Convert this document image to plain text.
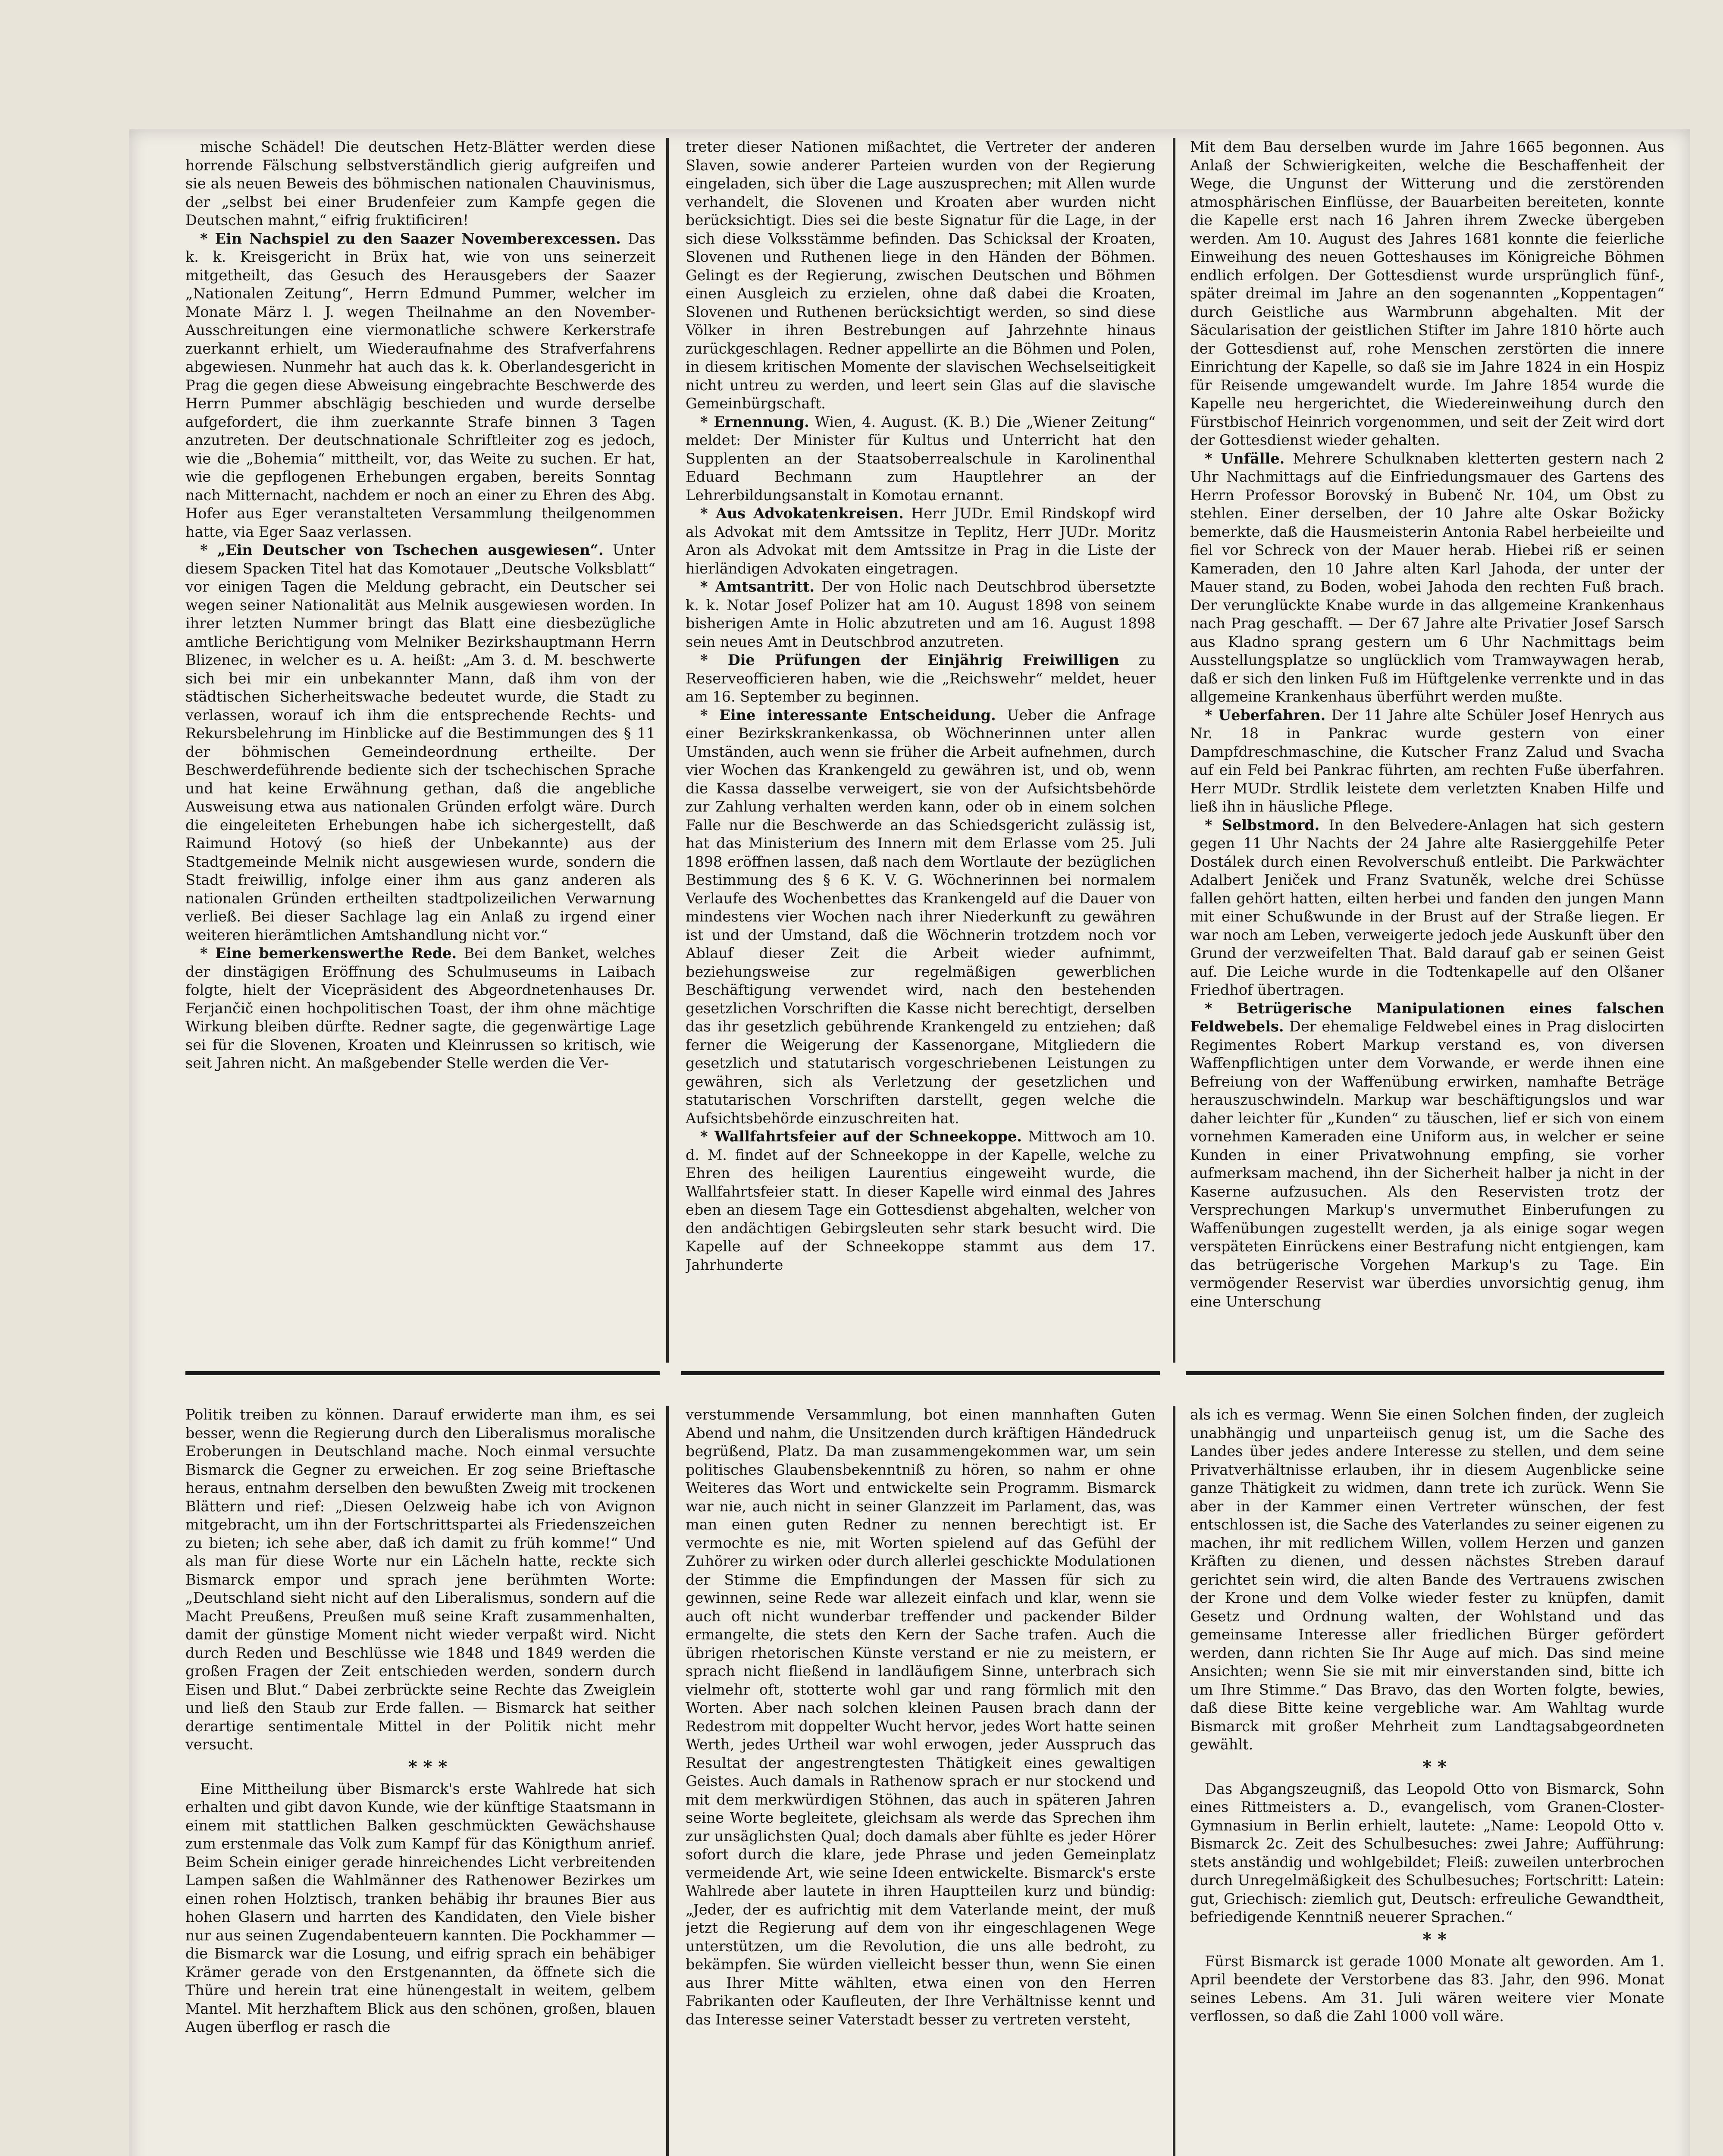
mische Schädel! Die deutschen Hetz-Blätter werden diese horrende Fälschung selbstverständlich gierig aufgreifen und sie als neuen Beweis des böhmischen nationalen Chauvinismus, der „selbst bei einer Brudenfeier zum Kampfe gegen die Deutschen mahnt,“ eifrig fruktificiren!

* Ein Nachspiel zu den Saazer Novemberexcessen. Das k. k. Kreisgericht in Brüx hat, wie von uns seinerzeit mitgetheilt, das Gesuch des Herausgebers der Saazer „Nationalen Zeitung“, Herrn Edmund Pummer, welcher im Monate März l. J. wegen Theilnahme an den November-Ausschreitungen eine viermonatliche schwere Kerkerstrafe zuerkannt erhielt, um Wiederaufnahme des Strafverfahrens abgewiesen. Nunmehr hat auch das k. k. Oberlandesgericht in Prag die gegen diese Abweisung eingebrachte Beschwerde des Herrn Pummer abschlägig beschieden und wurde derselbe aufgefordert, die ihm zuerkannte Strafe binnen 3 Tagen anzutreten. Der deutschnationale Schriftleiter zog es jedoch, wie die „Bohemia“ mittheilt, vor, das Weite zu suchen. Er hat, wie die gepflogenen Erhebungen ergaben, bereits Sonntag nach Mitternacht, nachdem er noch an einer zu Ehren des Abg. Hofer aus Eger veranstalteten Versammlung theilgenommen hatte, via Eger Saaz verlassen.

* „Ein Deutscher von Tschechen ausgewiesen“. Unter diesem Spacken Titel hat das Komotauer „Deutsche Volksblatt“ vor einigen Tagen die Meldung gebracht, ein Deutscher sei wegen seiner Nationalität aus Melnik ausgewiesen worden. In ihrer letzten Nummer bringt das Blatt eine diesbezügliche amtliche Berichtigung vom Melniker Bezirkshauptmann Herrn Blizenec, in welcher es u. A. heißt: „Am 3. d. M. beschwerte sich bei mir ein unbekannter Mann, daß ihm von der städtischen Sicherheitswache bedeutet wurde, die Stadt zu verlassen, worauf ich ihm die entsprechende Rechts- und Rekursbelehrung im Hinblicke auf die Bestimmungen des § 11 der böhmischen Gemeindeordnung ertheilte. Der Beschwerdeführende bediente sich der tschechischen Sprache und hat keine Erwähnung gethan, daß die angebliche Ausweisung etwa aus nationalen Gründen erfolgt wäre. Durch die eingeleiteten Erhebungen habe ich sichergestellt, daß Raimund Hotový (so hieß der Unbekannte) aus der Stadtgemeinde Melnik nicht ausgewiesen wurde, sondern die Stadt freiwillig, infolge einer ihm aus ganz anderen als nationalen Gründen ertheilten stadtpolizeilichen Verwarnung verließ. Bei dieser Sachlage lag ein Anlaß zu irgend einer weiteren hierämtlichen Amtshandlung nicht vor.“

* Eine bemerkenswerthe Rede. Bei dem Banket, welches der dinstägigen Eröffnung des Schulmuseums in Laibach folgte, hielt der Vicepräsident des Abgeordnetenhauses Dr. Ferjančič einen hochpolitischen Toast, der ihm ohne mächtige Wirkung bleiben dürfte. Redner sagte, die gegenwärtige Lage sei für die Slovenen, Kroaten und Kleinrussen so kritisch, wie seit Jahren nicht. An maßgebender Stelle werden die Ver-

treter dieser Nationen mißachtet, die Vertreter der anderen Slaven, sowie anderer Parteien wurden von der Regierung eingeladen, sich über die Lage auszusprechen; mit Allen wurde verhandelt, die Slovenen und Kroaten aber wurden nicht berücksichtigt. Dies sei die beste Signatur für die Lage, in der sich diese Volksstämme befinden. Das Schicksal der Kroaten, Slovenen und Ruthenen liege in den Händen der Böhmen. Gelingt es der Regierung, zwischen Deutschen und Böhmen einen Ausgleich zu erzielen, ohne daß dabei die Kroaten, Slovenen und Ruthenen berücksichtigt werden, so sind diese Völker in ihren Bestrebungen auf Jahrzehnte hinaus zurückgeschlagen. Redner appellirte an die Böhmen und Polen, in diesem kritischen Momente der slavischen Wechselseitigkeit nicht untreu zu werden, und leert sein Glas auf die slavische Gemeinbürgschaft.

* Ernennung. Wien, 4. August. (K. B.) Die „Wiener Zeitung“ meldet: Der Minister für Kultus und Unterricht hat den Supplenten an der Staatsoberrealschule in Karolinenthal Eduard Bechmann zum Hauptlehrer an der Lehrerbildungsanstalt in Komotau ernannt.

* Aus Advokatenkreisen. Herr JUDr. Emil Rindskopf wird als Advokat mit dem Amtssitze in Teplitz, Herr JUDr. Moritz Aron als Advokat mit dem Amtssitze in Prag in die Liste der hierländigen Advokaten eingetragen.

* Amtsantritt. Der von Holic nach Deutschbrod übersetzte k. k. Notar Josef Polizer hat am 10. August 1898 von seinem bisherigen Amte in Holic abzutreten und am 16. August 1898 sein neues Amt in Deutschbrod anzutreten.

* Die Prüfungen der Einjährig Freiwilligen zu Reserveofficieren haben, wie die „Reichswehr“ meldet, heuer am 16. September zu beginnen.

* Eine interessante Entscheidung. Ueber die Anfrage einer Bezirkskrankenkassa, ob Wöchnerinnen unter allen Umständen, auch wenn sie früher die Arbeit aufnehmen, durch vier Wochen das Krankengeld zu gewähren ist, und ob, wenn die Kassa dasselbe verweigert, sie von der Aufsichtsbehörde zur Zahlung verhalten werden kann, oder ob in einem solchen Falle nur die Beschwerde an das Schiedsgericht zulässig ist, hat das Ministerium des Innern mit dem Erlasse vom 25. Juli 1898 eröffnen lassen, daß nach dem Wortlaute der bezüglichen Bestimmung des § 6 K. V. G. Wöchnerinnen bei normalem Verlaufe des Wochenbettes das Krankengeld auf die Dauer von mindestens vier Wochen nach ihrer Niederkunft zu gewähren ist und der Umstand, daß die Wöchnerin trotzdem noch vor Ablauf dieser Zeit die Arbeit wieder aufnimmt, beziehungsweise zur regelmäßigen gewerblichen Beschäftigung verwendet wird, nach den bestehenden gesetzlichen Vorschriften die Kasse nicht berechtigt, derselben das ihr gesetzlich gebührende Krankengeld zu entziehen; daß ferner die Weigerung der Kassenorgane, Mitgliedern die gesetzlich und statutarisch vorgeschriebenen Leistungen zu gewähren, sich als Verletzung der gesetzlichen und statutarischen Vorschriften darstellt, gegen welche die Aufsichtsbehörde einzuschreiten hat.

* Wallfahrtsfeier auf der Schneekoppe. Mittwoch am 10. d. M. findet auf der Schneekoppe in der Kapelle, welche zu Ehren des heiligen Laurentius eingeweiht wurde, die Wallfahrtsfeier statt. In dieser Kapelle wird einmal des Jahres eben an diesem Tage ein Gottesdienst abgehalten, welcher von den andächtigen Gebirgsleuten sehr stark besucht wird. Die Kapelle auf der Schneekoppe stammt aus dem 17. Jahrhunderte

Mit dem Bau derselben wurde im Jahre 1665 begonnen. Aus Anlaß der Schwierigkeiten, welche die Beschaffenheit der Wege, die Ungunst der Witterung und die zerstörenden atmosphärischen Einflüsse, der Bauarbeiten bereiteten, konnte die Kapelle erst nach 16 Jahren ihrem Zwecke übergeben werden. Am 10. August des Jahres 1681 konnte die feierliche Einweihung des neuen Gotteshauses im Königreiche Böhmen endlich erfolgen. Der Gottesdienst wurde ursprünglich fünf-, später dreimal im Jahre an den sogenannten „Koppentagen“ durch Geistliche aus Warmbrunn abgehalten. Mit der Säcularisation der geistlichen Stifter im Jahre 1810 hörte auch der Gottesdienst auf, rohe Menschen zerstörten die innere Einrichtung der Kapelle, so daß sie im Jahre 1824 in ein Hospiz für Reisende umgewandelt wurde. Im Jahre 1854 wurde die Kapelle neu hergerichtet, die Wiedereinweihung durch den Fürstbischof Heinrich vorgenommen, und seit der Zeit wird dort der Gottesdienst wieder gehalten.

* Unfälle. Mehrere Schulknaben kletterten gestern nach 2 Uhr Nachmittags auf die Einfriedungsmauer des Gartens des Herrn Professor Borovský in Bubenč Nr. 104, um Obst zu stehlen. Einer derselben, der 10 Jahre alte Oskar Božicky bemerkte, daß die Hausmeisterin Antonia Rabel herbeieilte und fiel vor Schreck von der Mauer herab. Hiebei riß er seinen Kameraden, den 10 Jahre alten Karl Jahoda, der unter der Mauer stand, zu Boden, wobei Jahoda den rechten Fuß brach. Der verunglückte Knabe wurde in das allgemeine Krankenhaus nach Prag geschafft. — Der 67 Jahre alte Privatier Josef Sarsch aus Kladno sprang gestern um 6 Uhr Nachmittags beim Ausstellungsplatze so unglücklich vom Tramwaywagen herab, daß er sich den linken Fuß im Hüftgelenke verrenkte und in das allgemeine Krankenhaus überführt werden mußte.

* Ueberfahren. Der 11 Jahre alte Schüler Josef Henrych aus Nr. 18 in Pankrac wurde gestern von einer Dampfdreschmaschine, die Kutscher Franz Zalud und Svacha auf ein Feld bei Pankrac führten, am rechten Fuße überfahren. Herr MUDr. Strdlik leistete dem verletzten Knaben Hilfe und ließ ihn in häusliche Pflege.

* Selbstmord. In den Belvedere-Anlagen hat sich gestern gegen 11 Uhr Nachts der 24 Jahre alte Rasierggehilfe Peter Dostálek durch einen Revolverschuß entleibt. Die Parkwächter Adalbert Jeniček und Franz Svatuněk, welche drei Schüsse fallen gehört hatten, eilten herbei und fanden den jungen Mann mit einer Schußwunde in der Brust auf der Straße liegen. Er war noch am Leben, verweigerte jedoch jede Auskunft über den Grund der verzweifelten That. Bald darauf gab er seinen Geist auf. Die Leiche wurde in die Todtenkapelle auf den Olšaner Friedhof übertragen.

* Betrügerische Manipulationen eines falschen Feldwebels. Der ehemalige Feldwebel eines in Prag dislocirten Regimentes Robert Markup verstand es, von diversen Waffenpflichtigen unter dem Vorwande, er werde ihnen eine Befreiung von der Waffenübung erwirken, namhafte Beträge herauszuschwindeln. Markup war beschäftigungslos und war daher leichter für „Kunden“ zu täuschen, lief er sich von einem vornehmen Kameraden eine Uniform aus, in welcher er seine Kunden in einer Privatwohnung empfing, sie vorher aufmerksam machend, ihn der Sicherheit halber ja nicht in der Kaserne aufzusuchen. Als den Reservisten trotz der Versprechungen Markup's unvermuthet Einberufungen zu Waffenübungen zugestellt werden, ja als einige sogar wegen verspäteten Einrückens einer Bestrafung nicht entgiengen, kam das betrügerische Vorgehen Markup's zu Tage. Ein vermögender Reservist war überdies unvorsichtig genug, ihm eine Unterschung

Politik treiben zu können. Darauf erwiderte man ihm, es sei besser, wenn die Regierung durch den Liberalismus moralische Eroberungen in Deutschland mache. Noch einmal versuchte Bismarck die Gegner zu erweichen. Er zog seine Brieftasche heraus, entnahm derselben den bewußten Zweig mit trockenen Blättern und rief: „Diesen Oelzweig habe ich von Avignon mitgebracht, um ihn der Fortschrittspartei als Friedenszeichen zu bieten; ich sehe aber, daß ich damit zu früh komme!“ Und als man für diese Worte nur ein Lächeln hatte, reckte sich Bismarck empor und sprach jene berühmten Worte: „Deutschland sieht nicht auf den Liberalismus, sondern auf die Macht Preußens, Preußen muß seine Kraft zusammenhalten, damit der günstige Moment nicht wieder verpaßt wird. Nicht durch Reden und Beschlüsse wie 1848 und 1849 werden die großen Fragen der Zeit entschieden werden, sondern durch Eisen und Blut.“ Dabei zerbrückte seine Rechte das Zweiglein und ließ den Staub zur Erde fallen. — Bismarck hat seither derartige sentimentale Mittel in der Politik nicht mehr versucht.

* * *

Eine Mittheilung über Bismarck's erste Wahlrede hat sich erhalten und gibt davon Kunde, wie der künftige Staatsmann in einem mit stattlichen Balken geschmückten Gewächshause zum erstenmale das Volk zum Kampf für das Königthum anrief. Beim Schein einiger gerade hinreichendes Licht verbreitenden Lampen saßen die Wahlmänner des Rathenower Bezirkes um einen rohen Holztisch, tranken behäbig ihr braunes Bier aus hohen Glasern und harrten des Kandidaten, den Viele bisher nur aus seinen Zugendabenteuern kannten. Die Pockhammer — die Bismarck war die Losung, und eifrig sprach ein behäbiger Krämer gerade von den Erstgenannten, da öffnete sich die Thüre und herein trat eine hünengestalt in weitem, gelbem Mantel. Mit herzhaftem Blick aus den schönen, großen, blauen Augen überflog er rasch die

verstummende Versammlung, bot einen mannhaften Guten Abend und nahm, die Unsitzenden durch kräftigen Händedruck begrüßend, Platz. Da man zusammengekommen war, um sein politisches Glaubensbekenntniß zu hören, so nahm er ohne Weiteres das Wort und entwickelte sein Programm. Bismarck war nie, auch nicht in seiner Glanzzeit im Parlament, das, was man einen guten Redner zu nennen berechtigt ist. Er vermochte es nie, mit Worten spielend auf das Gefühl der Zuhörer zu wirken oder durch allerlei geschickte Modulationen der Stimme die Empfindungen der Massen für sich zu gewinnen, seine Rede war allezeit einfach und klar, wenn sie auch oft nicht wunderbar treffender und packender Bilder ermangelte, die stets den Kern der Sache trafen. Auch die übrigen rhetorischen Künste verstand er nie zu meistern, er sprach nicht fließend in landläufigem Sinne, unterbrach sich vielmehr oft, stotterte wohl gar und rang förmlich mit den Worten. Aber nach solchen kleinen Pausen brach dann der Redestrom mit doppelter Wucht hervor, jedes Wort hatte seinen Werth, jedes Urtheil war wohl erwogen, jeder Ausspruch das Resultat der angestrengtesten Thätigkeit eines gewaltigen Geistes. Auch damals in Rathenow sprach er nur stockend und mit dem merkwürdigen Stöhnen, das auch in späteren Jahren seine Worte begleitete, gleichsam als werde das Sprechen ihm zur unsäglichsten Qual; doch damals aber fühlte es jeder Hörer sofort durch die klare, jede Phrase und jeden Gemeinplatz vermeidende Art, wie seine Ideen entwickelte. Bismarck's erste Wahlrede aber lautete in ihren Hauptteilen kurz und bündig: „Jeder, der es aufrichtig mit dem Vaterlande meint, der muß jetzt die Regierung auf dem von ihr eingeschlagenen Wege unterstützen, um die Revolution, die uns alle bedroht, zu bekämpfen. Sie würden vielleicht besser thun, wenn Sie einen aus Ihrer Mitte wählten, etwa einen von den Herren Fabrikanten oder Kaufleuten, der Ihre Verhältnisse kennt und das Interesse seiner Vaterstadt besser zu vertreten versteht,

als ich es vermag. Wenn Sie einen Solchen finden, der zugleich unabhängig und unparteiisch genug ist, um die Sache des Landes über jedes andere Interesse zu stellen, und dem seine Privatverhältnisse erlauben, ihr in diesem Augenblicke seine ganze Thätigkeit zu widmen, dann trete ich zurück. Wenn Sie aber in der Kammer einen Vertreter wünschen, der fest entschlossen ist, die Sache des Vaterlandes zu seiner eigenen zu machen, ihr mit redlichem Willen, vollem Herzen und ganzen Kräften zu dienen, und dessen nächstes Streben darauf gerichtet sein wird, die alten Bande des Vertrauens zwischen der Krone und dem Volke wieder fester zu knüpfen, damit Gesetz und Ordnung walten, der Wohlstand und das gemeinsame Interesse aller friedlichen Bürger gefördert werden, dann richten Sie Ihr Auge auf mich. Das sind meine Ansichten; wenn Sie sie mit mir einverstanden sind, bitte ich um Ihre Stimme.“ Das Bravo, das den Worten folgte, bewies, daß diese Bitte keine vergebliche war. Am Wahltag wurde Bismarck mit großer Mehrheit zum Landtagsabgeordneten gewählt.

* *

Das Abgangszeugniß, das Leopold Otto von Bismarck, Sohn eines Rittmeisters a. D., evangelisch, vom Granen-Closter-Gymnasium in Berlin erhielt, lautete: „Name: Leopold Otto v. Bismarck 2c. Zeit des Schulbesuches: zwei Jahre; Aufführung: stets anständig und wohlgebildet; Fleiß: zuweilen unterbrochen durch Unregelmäßigkeit des Schulbesuches; Fortschritt: Latein: gut, Griechisch: ziemlich gut, Deutsch: erfreuliche Gewandtheit, befriedigende Kenntniß neuerer Sprachen.“

* *

Fürst Bismarck ist gerade 1000 Monate alt geworden. Am 1. April beendete der Verstorbene das 83. Jahr, den 996. Monat seines Lebens. Am 31. Juli wären weitere vier Monate verflossen, so daß die Zahl 1000 voll wäre.
